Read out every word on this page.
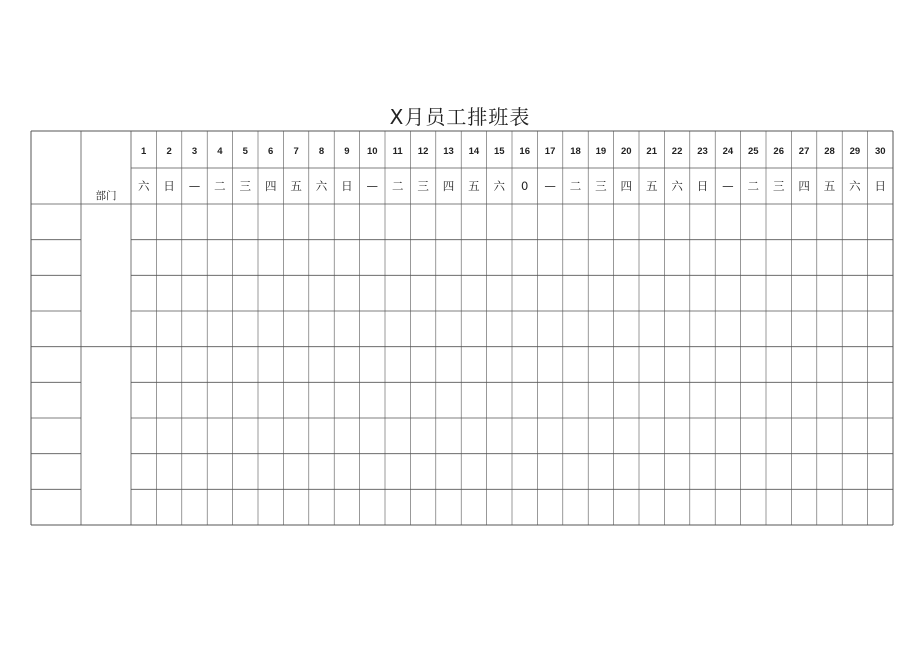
X月员工排班表
部门
1
六
2
日
3
—
4
二
5
三
6
四
7
五
8
六
9
日
10
—
11
二
12
三
13
四
14
五
15
六
16
0
17
—
18
二
19
三
20
四
21
五
22
六
23
日
24
—
25
二
26
三
27
四
28
五
29
六
30
日
